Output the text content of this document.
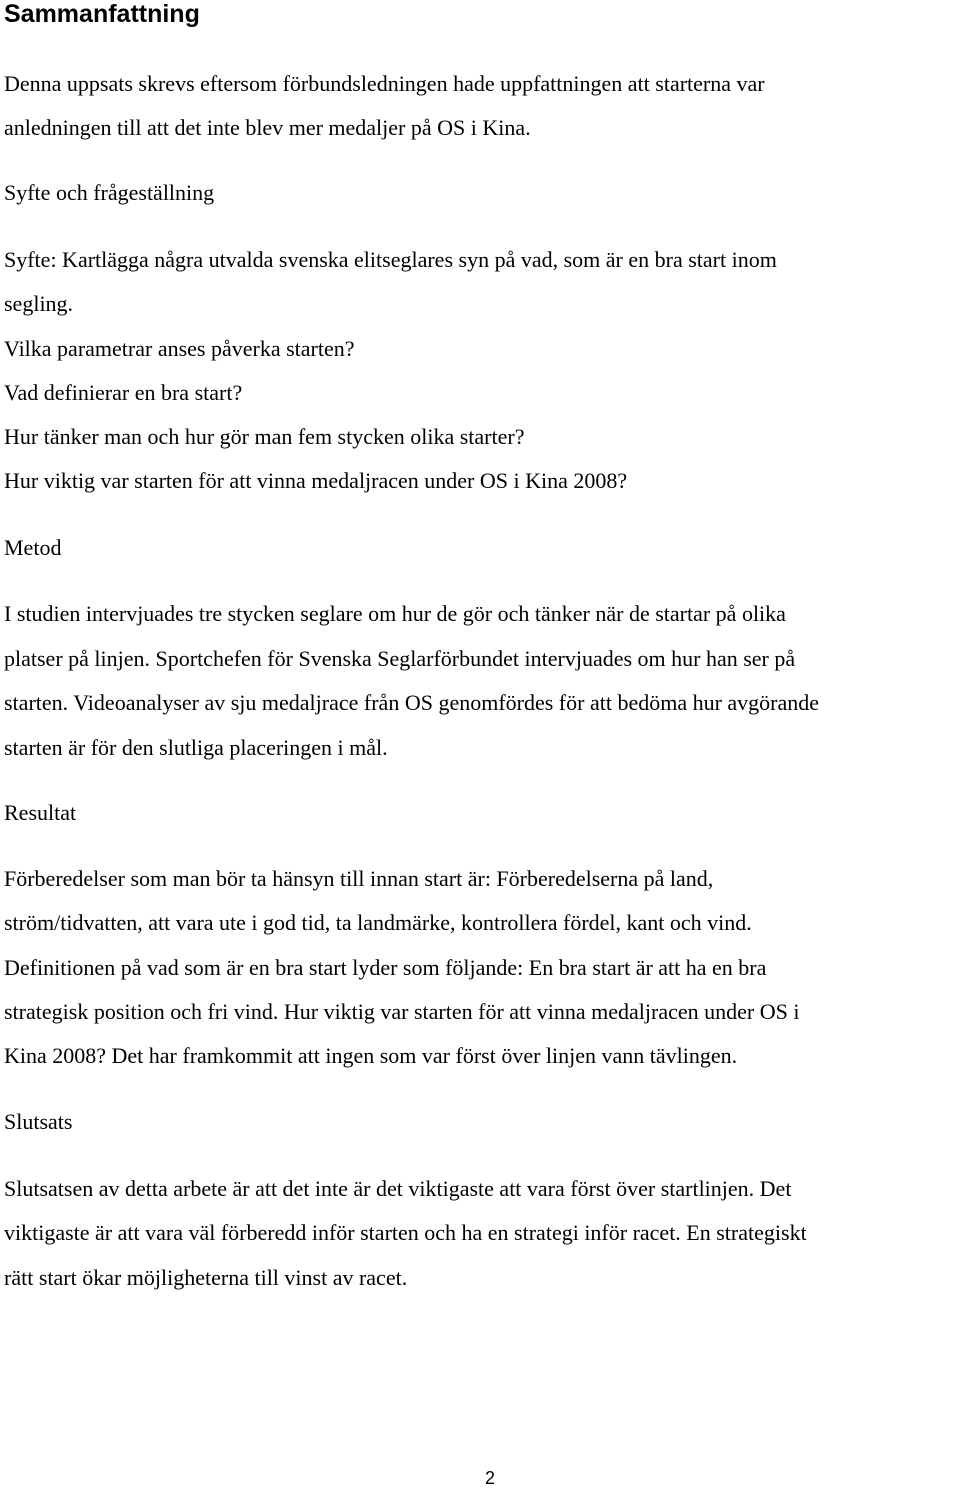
Sammanfattning

Denna uppsats skrevs eftersom förbundsledningen hade uppfattningen att starterna var
anledningen till att det inte blev mer medaljer på OS i Kina.

Syfte och frågeställning

Syfte: Kartlägga några utvalda svenska elitseglares syn på vad, som är en bra start inom
segling.
Vilka parametrar anses påverka starten?
Vad definierar en bra start?
Hur tänker man och hur gör man fem stycken olika starter?
Hur viktig var starten för att vinna medaljracen under OS i Kina 2008?

Metod

I studien intervjuades tre stycken seglare om hur de gör och tänker när de startar på olika
platser på linjen. Sportchefen för Svenska Seglarförbundet intervjuades om hur han ser på
starten. Videoanalyser av sju medaljrace från OS genomfördes för att bedöma hur avgörande
starten är för den slutliga placeringen i mål.

Resultat

Förberedelser som man bör ta hänsyn till innan start är: Förberedelserna på land,
ström/tidvatten, att vara ute i god tid, ta landmärke, kontrollera fördel, kant och vind.
Definitionen på vad som är en bra start lyder som följande: En bra start är att ha en bra
strategisk position och fri vind. Hur viktig var starten för att vinna medaljracen under OS i
Kina 2008? Det har framkommit att ingen som var först över linjen vann tävlingen.

Slutsats

Slutsatsen av detta arbete är att det inte är det viktigaste att vara först över startlinjen. Det
viktigaste är att vara väl förberedd inför starten och ha en strategi inför racet. En strategiskt
rätt start ökar möjligheterna till vinst av racet.

2
